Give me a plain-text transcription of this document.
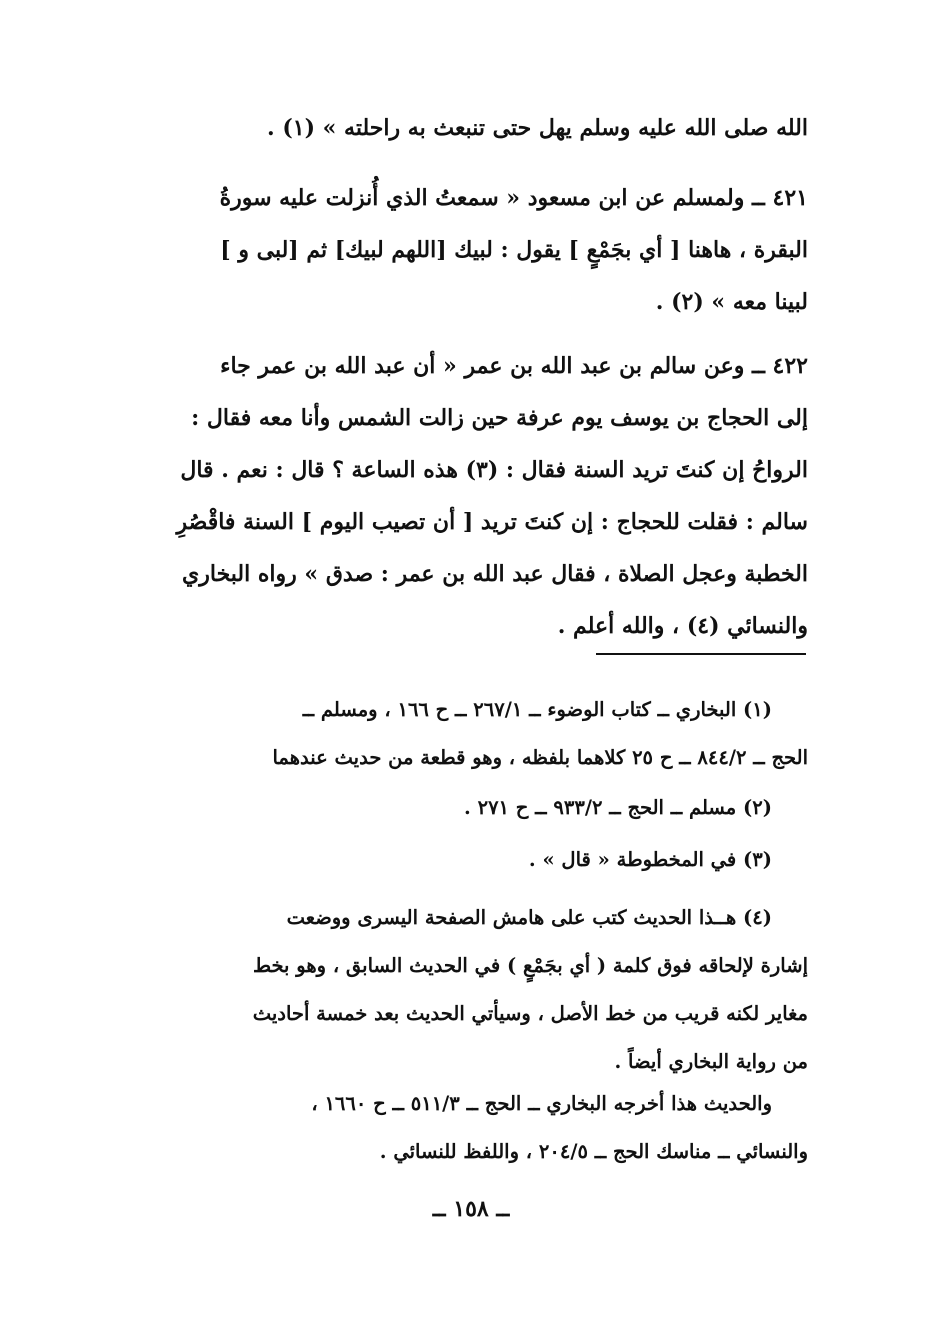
الله صلى الله عليه وسلم يهل حتى تنبعث به راحلته » (١) .
٤٢١ ــ ولمسلم عن ابن مسعود « سمعتُ الذي أُنزلت عليه سورةُ
البقرة ، هاهنا [ أي بجَمْعٍ ] يقول : لبيك [اللهم لبيك] ثم [لبى و ]
لبينا معه » (٢) .
٤٢٢ ــ وعن سالم بن عبد الله بن عمر « أن عبد الله بن عمر جاء
إلى الحجاج بن يوسف يوم عرفة حين زالت الشمس وأنا معه فقال :
الرواحُ إن كنتَ تريد السنة فقال : (٣) هذه الساعة ؟ قال : نعم . قال
سالم : فقلت للحجاج : إن كنتَ تريد [ أن تصيب اليوم ] السنة فاقْصُرِ
الخطبة وعجل الصلاة ، فقال عبد الله بن عمر : صدق » رواه البخاري
والنسائي (٤) ، والله أعلم .
(١) البخاري ــ كتاب الوضوء ــ ٢٦٧/١ ــ ح ١٦٦ ، ومسلم ــ
الحج ــ ٨٤٤/٢ ــ ح ٢٥ كلاهما بلفظه ، وهو قطعة من حديث عندهما
(٢) مسلم ــ الحج ــ ٩٣٣/٢ ــ ح ٢٧١ .
(٣) في المخطوطة « قال » .
(٤) هــذا الحديث كتب على هامش الصفحة اليسرى ووضعت
إشارة لإلحاقه فوق كلمة ( أي بجَمْعٍ ) في الحديث السابق ، وهو بخط
مغاير لكنه قريب من خط الأصل ، وسيأتي الحديث بعد خمسة أحاديث
من رواية البخاري أيضاً .
والحديث هذا أخرجه البخاري ــ الحج ــ ٥١١/٣ ــ ح ١٦٦٠ ،
والنسائي ــ مناسك الحج ــ ٢٠٤/٥ ، واللفظ للنسائي .
ــ ١٥٨ ــ
